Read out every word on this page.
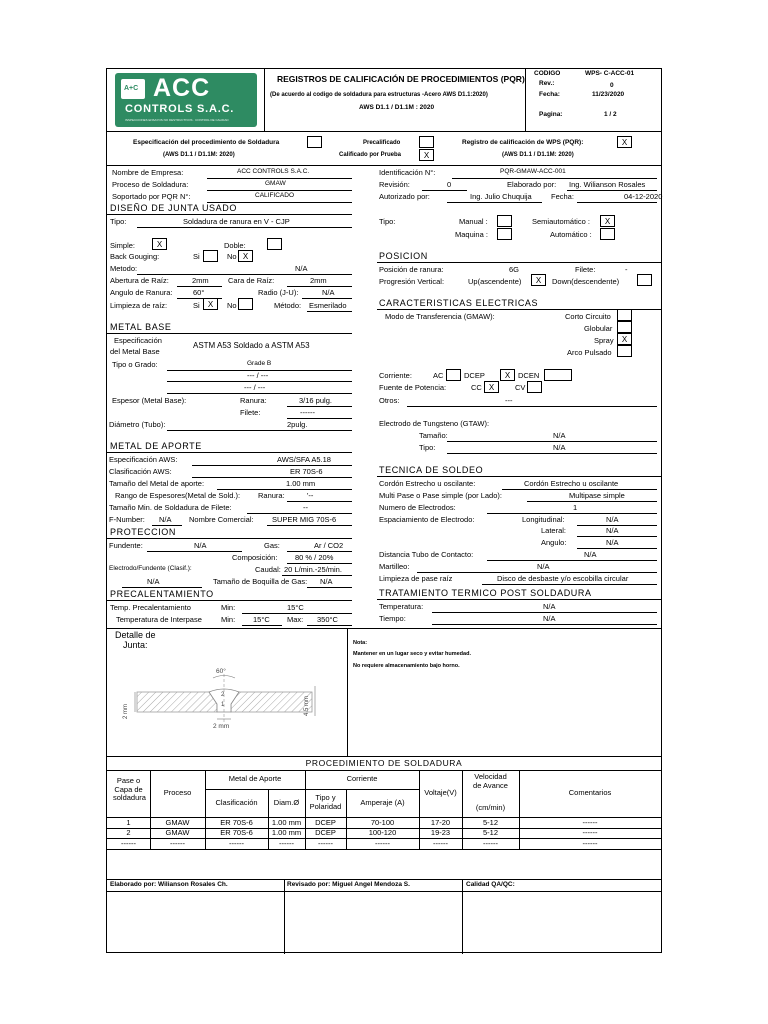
A+C ACC
CONTROLS S.A.C.
INSPECCIONES ENSAYOS NO DESTRUCTIVOS · CONTROL DE CALIDAD
REGISTROS DE CALIFICACIÓN DE PROCEDIMIENTOS (PQR)
(De acuerdo al codigo de soldadura para estructuras -Acero AWS D1.1:2020)
AWS D1.1 / D1.1M : 2020
CODIGO	WPS- C-ACC-01
Rev.:	0
Fecha:	11/23/2020
Pagina:	1 / 2
Especificación del procedimiento de Soldadura
(AWS D1.1 / D1.1M: 2020)
Precalificado
Calificado por Prueba	X
Registro de calificación de WPS (PQR):	X
(AWS D1.1 / D1.1M: 2020)
Nombre de Empresa:	ACC CONTROLS S.A.C.
Proceso de Soldadura:	GMAW
Soportado por PQR N°:	CALIFICADO
Identificación N°:	PQR-GMAW-ACC-001
Revisión:	0	Elaborado por: Ing. Wilianson Rosales
Autorizado por:	Ing. Julio Chuquija	Fecha:	04-12-2020
DISEÑO DE JUNTA USADO
Tipo:	Soldadura de ranura en V - CJP	Tipo:	Manual :
Maquina :
Semiautomático :	X
Automático :
Simple:	X	Doble:
Back Gouging:	Si	No X
Metodo:	N/A
Abertura de Raíz:	2mm	Cara de Raíz:	2mm
Angulo de Ranura:	60°	Radio (J-U):	N/A
Limpieza de raíz:	Si	X	No	Método: Esmerilado
POSICION
Posición de ranura:	6G	Filete:	-
Progresión Vertical:	Up(ascendente)	X	Down(descendente)
CARACTERISTICAS ELECTRICAS
Modo de Transferencia (GMAW):	Corto Circuito
Globular
Spray	X
Arco Pulsado
Corriente:	AC	DCEP	X	DCEN
Fuente de Potencia:	CC X	CV
Otros:	---
Electrodo de Tungsteno (GTAW):
Tamaño:	N/A
Tipo:	N/A
METAL BASE
Especificación
del Metal Base
ASTM A53 Soldado a ASTM A53
Tipo o Grado:	Grade B
--- / ---
--- / ---
Espesor (Metal Base):	Ranura:	3/16 pulg.
Filete:	------
Diámetro (Tubo):	2pulg.
METAL DE APORTE
Especificación AWS:	AWS/SFA A5.18
Clasificación AWS:	ER 70S-6
Tamaño del Metal de aporte:	1.00 mm
Rango de Espesores(Metal de Sold.): Ranura:	'--
Tamaño Min. de Soldadura de Filete:	--
F-Number: N/A Nombre Comercial: SUPER MIG 70S-6
TECNICA DE SOLDEO
Cordón Estrecho u oscilante:	Cordón Estrecho u oscilante
Multi Pase o Pase simple (por Lado):	Multipase simple
Numero de Electrodos:	1
Espaciamiento de Electrodo:	Longitudinal:	N/A
Lateral:	N/A
Angulo:	N/A
Distancia Tubo de Contacto:	N/A
Martilleo:	N/A
Limpieza de pase raíz	Disco de desbaste y/o escobilla circular
PROTECCION
Fundente:	N/A	Gas:	Ar / CO2
Composición: 80 % / 20%
Electrodo/Fundente (Clasif.):	Caudal: 20 L/min.-25/min.
N/A	Tamaño de Boquilla de Gas: N/A
PRECALENTAMIENTO
Temp. Precalentamiento	Min:	15°C
Temperatura de Interpase	Min: 15°C Max: 350°C
TRATAMIENTO TERMICO POST SOLDADURA
Temperatura:	N/A
Tiempo:	N/A
Detalle de
Junta:
60°
2
1
2 mm	4.5 mm
2 mm
Nota:
Mantener en un lugar seco y evitar humedad.
No requiere almacenamiento bajo horno.
PROCEDIMIENTO DE SOLDADURA
Pase o Capa de soldadura
Proceso
Metal de Aporte
Clasificación	Diam.Ø
Corriente
Tipo y Polaridad	Amperaje (A)
Voltaje(V)
Velocidad de Avance
(cm/min)
Comentarios
1	GMAW	ER 70S-6	1.00 mm	DCEP	70-100	17-20	5-12	------
2	GMAW	ER 70S-6	1.00 mm	DCEP	100-120	19-23	5-12	------
------	------	------	------	------	------	------	------	------
Elaborado por: Wilianson Rosales Ch.	Revisado por: Miguel Angel Mendoza S.	Calidad QA/QC:
